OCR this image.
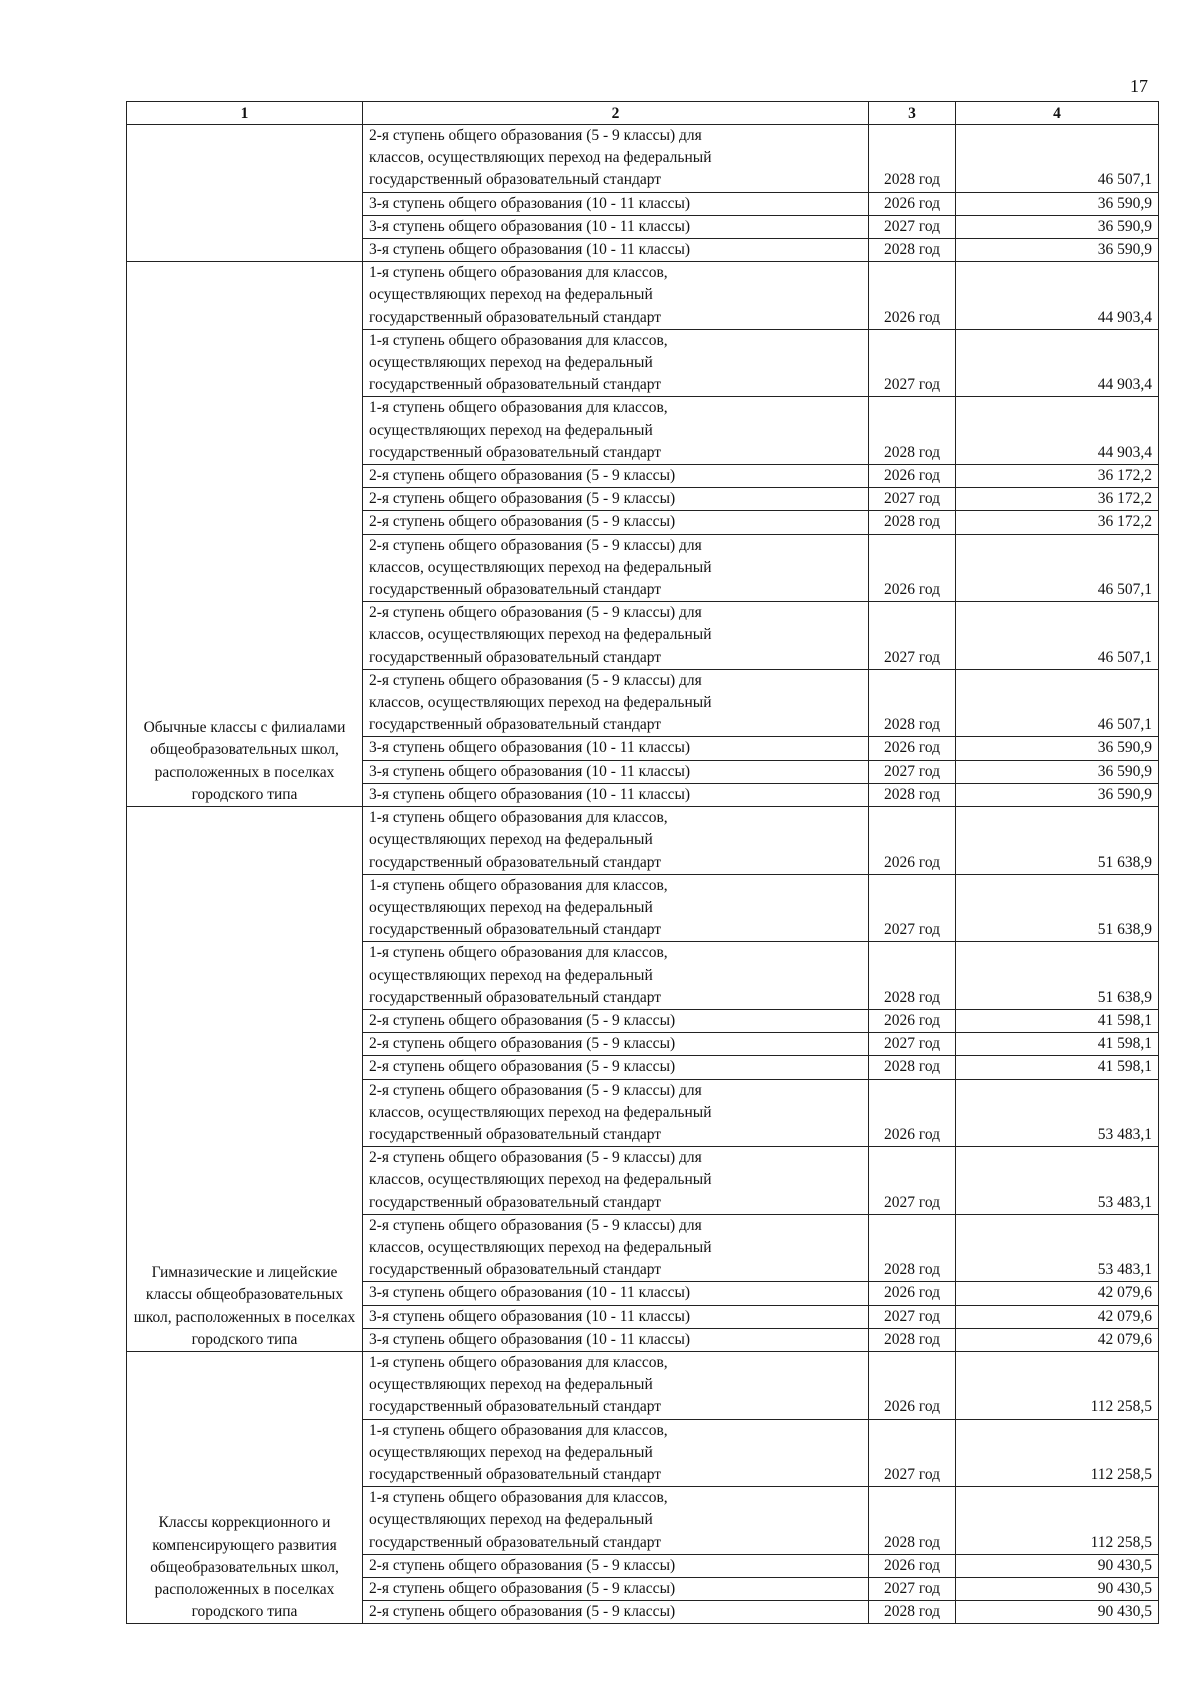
17
1	2	3	4

	2-я ступень общего образования (5 - 9 классы) для
классов, осуществляющих переход на федеральный
государственный образовательный стандарт	2028 год	46 507,1

	3-я ступень общего образования (10 - 11 классы)	2026 год	36 590,9

	3-я ступень общего образования (10 - 11 классы)	2027 год	36 590,9

	3-я ступень общего образования (10 - 11 классы)	2028 год	36 590,9
Обычные классы с филиалами общеобразовательных школ, расположенных в поселках городского типа	1-я ступень общего образования для классов,
осуществляющих переход на федеральный
государственный образовательный стандарт	2026 год	44 903,4

	1-я ступень общего образования для классов,
осуществляющих переход на федеральный
государственный образовательный стандарт	2027 год	44 903,4

	1-я ступень общего образования для классов,
осуществляющих переход на федеральный
государственный образовательный стандарт	2028 год	44 903,4

	2-я ступень общего образования (5 - 9 классы)	2026 год	36 172,2

	2-я ступень общего образования (5 - 9 классы)	2027 год	36 172,2

	2-я ступень общего образования (5 - 9 классы)	2028 год	36 172,2

	2-я ступень общего образования (5 - 9 классы) для
классов, осуществляющих переход на федеральный
государственный образовательный стандарт	2026 год	46 507,1

	2-я ступень общего образования (5 - 9 классы) для
классов, осуществляющих переход на федеральный
государственный образовательный стандарт	2027 год	46 507,1

	2-я ступень общего образования (5 - 9 классы) для
классов, осуществляющих переход на федеральный
государственный образовательный стандарт	2028 год	46 507,1

	3-я ступень общего образования (10 - 11 классы)	2026 год	36 590,9

	3-я ступень общего образования (10 - 11 классы)	2027 год	36 590,9

	3-я ступень общего образования (10 - 11 классы)	2028 год	36 590,9
Гимназические и лицейские классы общеобразовательных школ, расположенных в поселках городского типа	1-я ступень общего образования для классов,
осуществляющих переход на федеральный
государственный образовательный стандарт	2026 год	51 638,9

	1-я ступень общего образования для классов,
осуществляющих переход на федеральный
государственный образовательный стандарт	2027 год	51 638,9

	1-я ступень общего образования для классов,
осуществляющих переход на федеральный
государственный образовательный стандарт	2028 год	51 638,9

	2-я ступень общего образования (5 - 9 классы)	2026 год	41 598,1

	2-я ступень общего образования (5 - 9 классы)	2027 год	41 598,1

	2-я ступень общего образования (5 - 9 классы)	2028 год	41 598,1

	2-я ступень общего образования (5 - 9 классы) для
классов, осуществляющих переход на федеральный
государственный образовательный стандарт	2026 год	53 483,1

	2-я ступень общего образования (5 - 9 классы) для
классов, осуществляющих переход на федеральный
государственный образовательный стандарт	2027 год	53 483,1

	2-я ступень общего образования (5 - 9 классы) для
классов, осуществляющих переход на федеральный
государственный образовательный стандарт	2028 год	53 483,1

	3-я ступень общего образования (10 - 11 классы)	2026 год	42 079,6

	3-я ступень общего образования (10 - 11 классы)	2027 год	42 079,6

	3-я ступень общего образования (10 - 11 классы)	2028 год	42 079,6
Классы коррекционного и компенсирующего развития общеобразовательных школ, расположенных в поселках городского типа	1-я ступень общего образования для классов,
осуществляющих переход на федеральный
государственный образовательный стандарт	2026 год	112 258,5

	1-я ступень общего образования для классов,
осуществляющих переход на федеральный
государственный образовательный стандарт	2027 год	112 258,5

	1-я ступень общего образования для классов,
осуществляющих переход на федеральный
государственный образовательный стандарт	2028 год	112 258,5

	2-я ступень общего образования (5 - 9 классы)	2026 год	90 430,5

	2-я ступень общего образования (5 - 9 классы)	2027 год	90 430,5

	2-я ступень общего образования (5 - 9 классы)	2028 год	90 430,5
